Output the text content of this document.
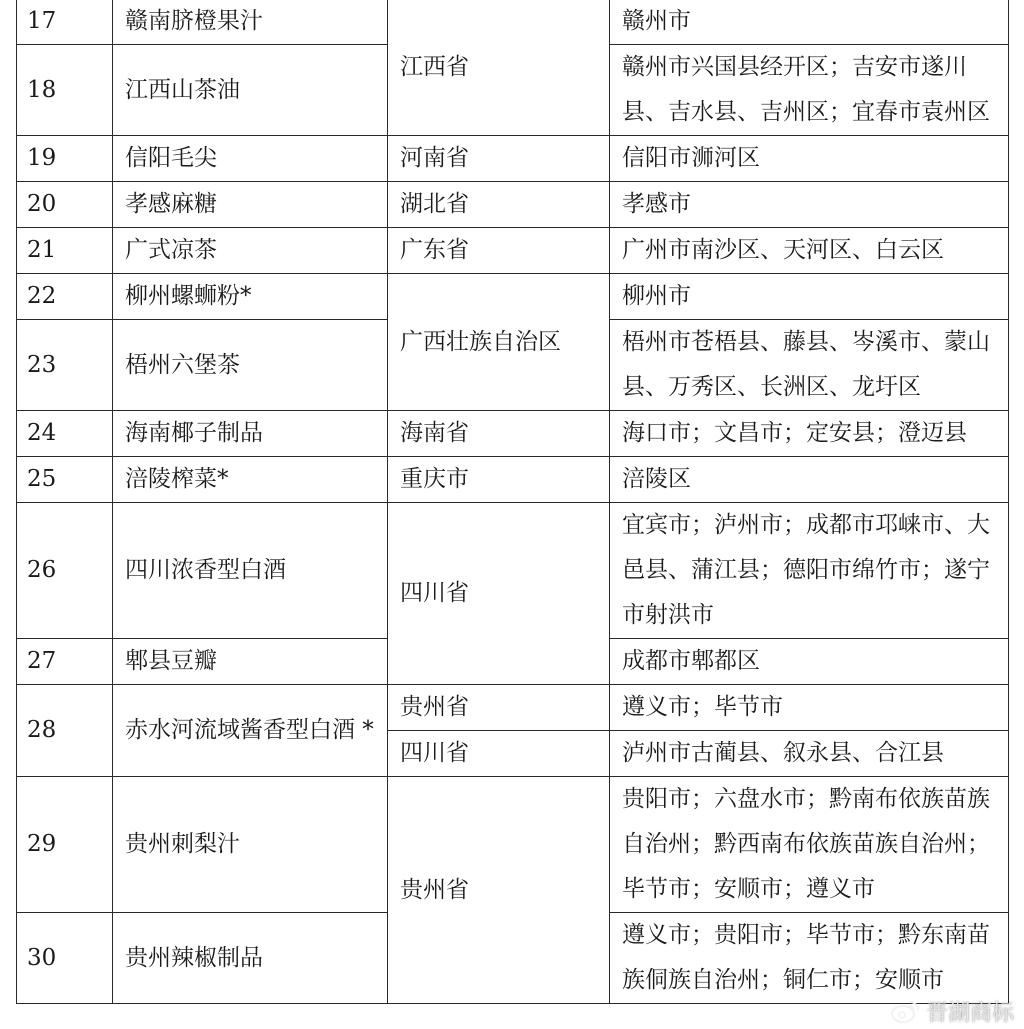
17	赣南脐橙果汁	江西省	赣州市
18	江西山茶油		赣州市兴国县经开区；吉安市遂川县、吉水县、吉州区；宜春市袁州区
19	信阳毛尖	河南省	信阳市浉河区
20	孝感麻糖	湖北省	孝感市
21	广式凉茶	广东省	广州市南沙区、天河区、白云区
22	柳州螺蛳粉*	广西壮族自治区	柳州市
23	梧州六堡茶		梧州市苍梧县、藤县、岑溪市、蒙山县、万秀区、长洲区、龙圩区
24	海南椰子制品	海南省	海口市；文昌市；定安县；澄迈县
25	涪陵榨菜*	重庆市	涪陵区
26	四川浓香型白酒	四川省	宜宾市；泸州市；成都市邛崃市、大邑县、蒲江县；德阳市绵竹市；遂宁市射洪市
27	郫县豆瓣		成都市郫都区
28	赤水河流域酱香型白酒 *	贵州省	遵义市；毕节市
		四川省	泸州市古蔺县、叙永县、合江县
29	贵州刺梨汁	贵州省	贵阳市；六盘水市；黔南布依族苗族自治州；黔西南布依族苗族自治州；毕节市；安顺市；遵义市
30	贵州辣椒制品		遵义市；贵阳市；毕节市；黔东南苗族侗族自治州；铜仁市；安顺市
晋湖商标
